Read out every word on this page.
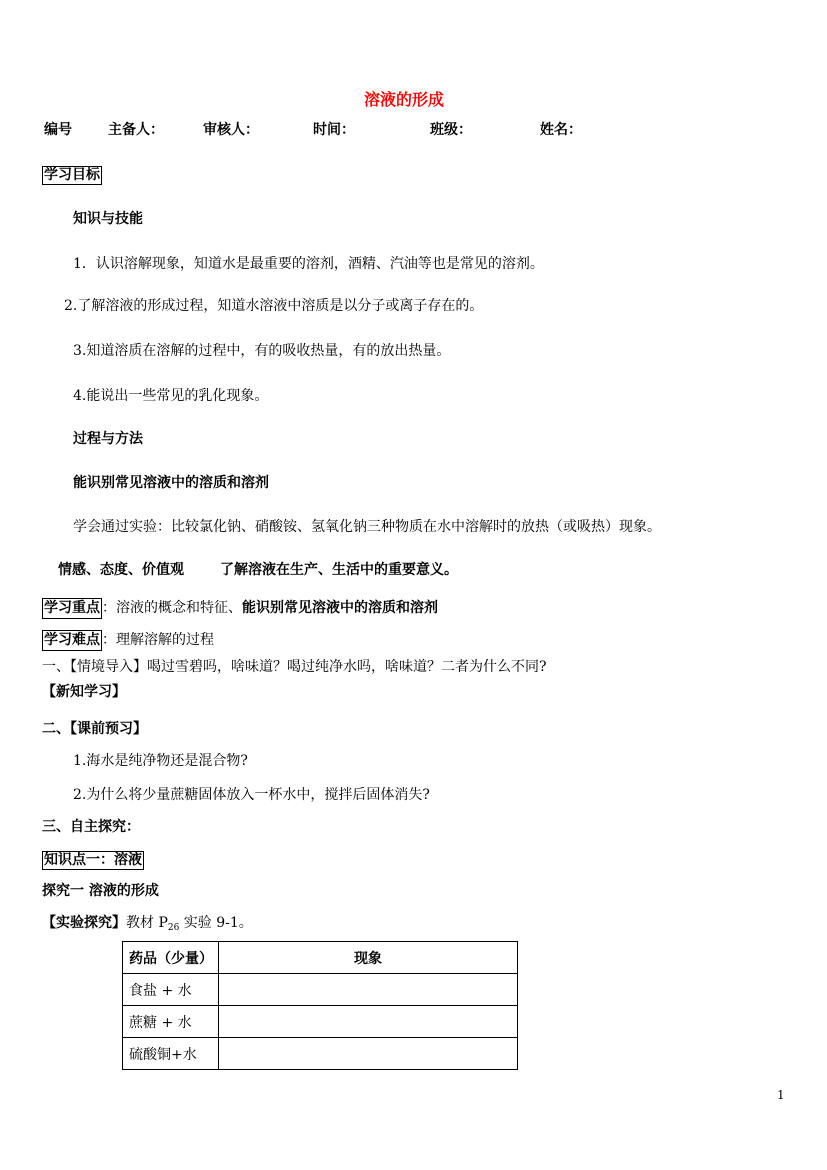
溶液的形成
编号	主备人：	审核人：	时间：	班级：	姓名：
学习目标
知识与技能
1．认识溶解现象，知道水是最重要的溶剂，酒精、汽油等也是常见的溶剂。
2.了解溶液的形成过程，知道水溶液中溶质是以分子或离子存在的。
3.知道溶质在溶解的过程中，有的吸收热量，有的放出热量。
4.能说出一些常见的乳化现象。
过程与方法
能识别常见溶液中的溶质和溶剂
学会通过实验：比较氯化钠、硝酸铵、氢氧化钠三种物质在水中溶解时的放热（或吸热）现象。
情感、态度、价值观	了解溶液在生产、生活中的重要意义。
学习重点 ：溶液的概念和特征、能识别常见溶液中的溶质和溶剂
学习难点 ：理解溶解的过程
一、【情境导入】喝过雪碧吗，啥味道？喝过纯净水吗，啥味道？二者为什么不同?
【新知学习】
二、【课前预习】
1.海水是纯净物还是混合物?
2.为什么将少量蔗糖固体放入一杯水中，搅拌后固体消失?
三、自主探究：
知识点一：溶液
探究一 溶液的形成
【实验探究】教材 $P_{26}$ 实验 9-1。
药品（少量）	现象
食盐 + 水	
蔗糖 + 水	
硫酸铜+水	
1
